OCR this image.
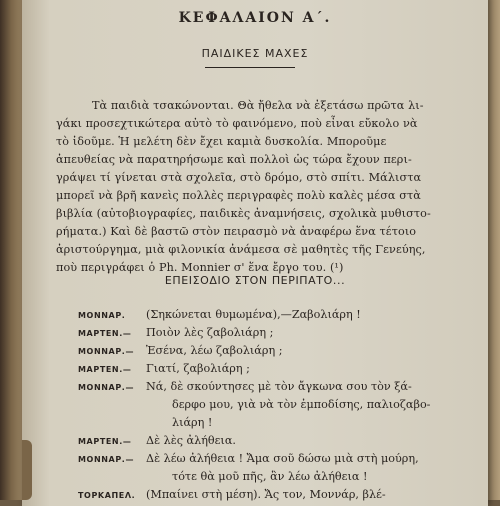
ΚΕΦΑΛΑΙΟΝ Α΄.
ΠΑΙΔΙΚΕΣ ΜΑΧΕΣ
Τὰ παιδιὰ τσακώνονται. Θὰ ἤθελα νὰ ἐξετάσω πρῶτα λι-
γάκι προσεχτικώτερα αὐτὸ τὸ φαινόμενο, ποὺ εἶναι εὔκολο νὰ
τὸ ἰδοῦμε. Ἡ μελέτη δὲν ἔχει καμιὰ δυσκολία. Μποροῦμε
ἀπευθείας νὰ παρατηρήσωμε καὶ πολλοὶ ὡς τώρα ἔχουν περι-
γράψει τί γίνεται στὰ σχολεῖα, στὸ δρόμο, στὸ σπίτι. Μάλιστα
μπορεῖ νὰ βρῆ κανεὶς πολλὲς περιγραφὲς πολὺ καλὲς μέσα στὰ
βιβλία (αὐτοβιογραφίες, παιδικὲς ἀναμνήσεις, σχολικὰ μυθιστο-
ρήματα.) Καὶ δὲ βαστῶ στὸν πειρασμὸ νὰ ἀναφέρω ἕνα τέτοιο
ἀριστούργημα, μιὰ φιλονικία ἀνάμεσα σὲ μαθητὲς τῆς Γενεύης,
ποὺ περιγράφει ὁ Ph. Monnier σ' ἕνα ἔργο του. (¹)
ΕΠΕΙΣΟΔΙΟ ΣΤΟΝ ΠΕΡΙΠΑΤΟ...
ΜΟΝΝΑΡ.	(Σηκώνεται θυμωμένα),—Ζαβολιάρη !
ΜΑΡΤΕΝ.—	Ποιὸν λὲς ζαβολιάρη ;
ΜΟΝΝΑΡ.—	Ἐσένα, λέω ζαβολιάρη ;
ΜΑΡΤΕΝ.—	Γιατί, ζαβολιάρη ;
ΜΟΝΝΑΡ.—	Νά, δὲ σκούντησες μὲ τὸν ἄγκωνα σου τὸν ξά-
δερφο μου, γιὰ νὰ τὸν ἐμποδίσης, παλιοζαβο-
λιάρη !
ΜΑΡΤΕΝ.—	Δὲ λὲς ἀλήθεια.
ΜΟΝΝΑΡ.—	Δὲ λέω ἀλήθεια ! Ἄμα σοῦ δώσω μιὰ στὴ μούρη,
τότε θὰ μοῦ πῆς, ἂν λέω ἀλήθεια !
ΤΟΡΚΑΠΕΛ. (Μπαίνει στὴ μέση). Ἄς τον, Μοννάρ, βλέ-
